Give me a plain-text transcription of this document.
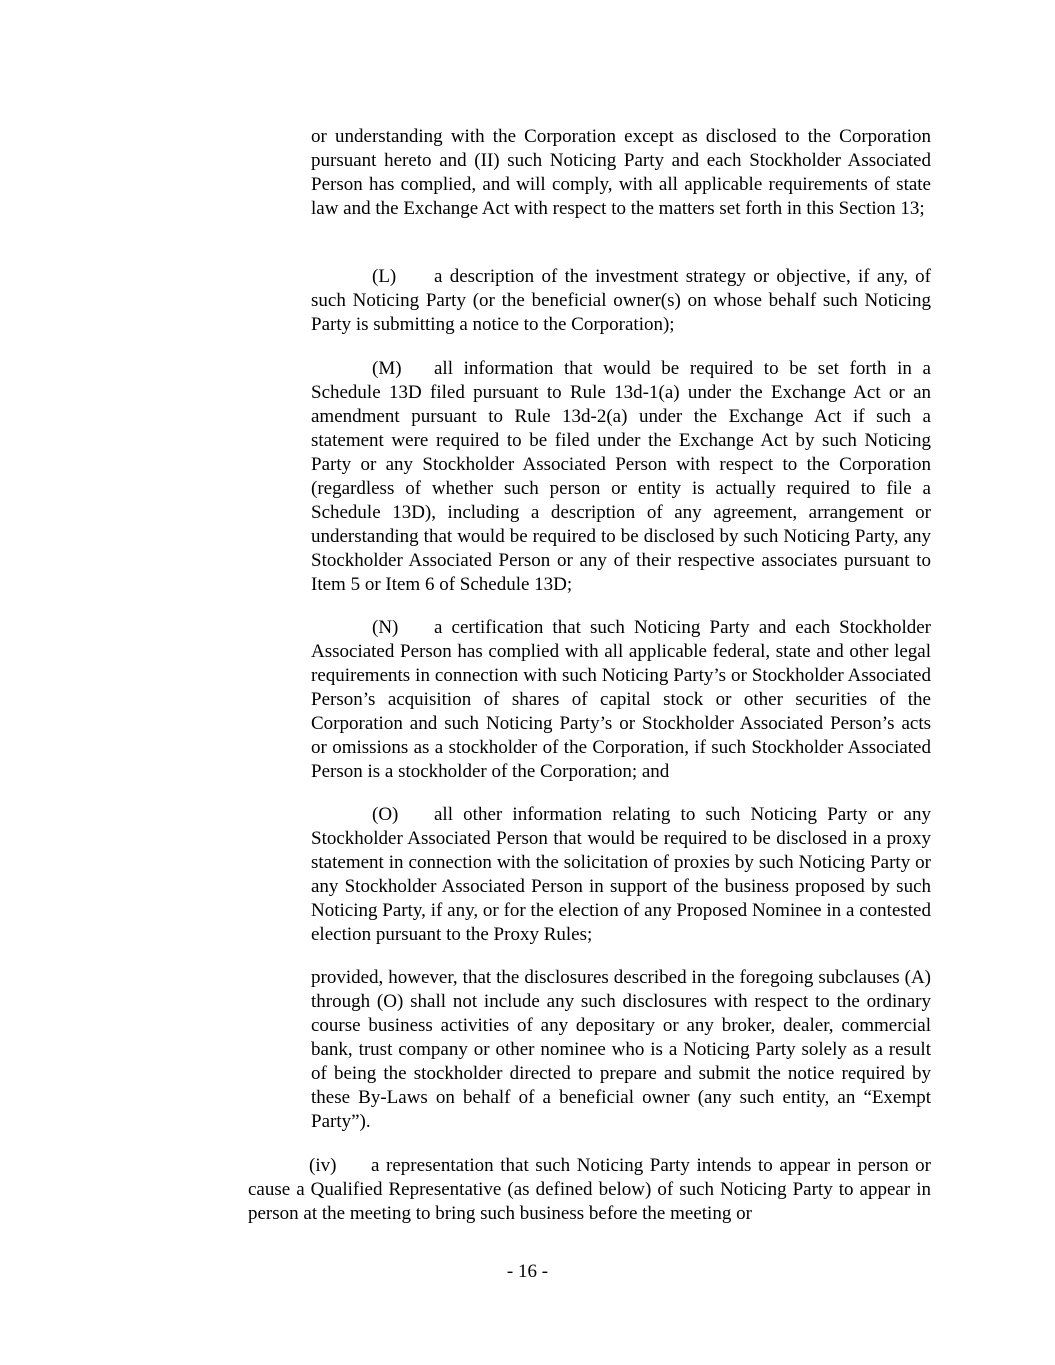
or understanding with the Corporation except as disclosed to the Corporation pursuant hereto and (II) such Noticing Party and each Stockholder Associated Person has complied, and will comply, with all applicable requirements of state law and the Exchange Act with respect to the matters set forth in this Section 13;

(L) a description of the investment strategy or objective, if any, of such Noticing Party (or the beneficial owner(s) on whose behalf such Noticing Party is submitting a notice to the Corporation);

(M) all information that would be required to be set forth in a Schedule 13D filed pursuant to Rule 13d-1(a) under the Exchange Act or an amendment pursuant to Rule 13d-2(a) under the Exchange Act if such a statement were required to be filed under the Exchange Act by such Noticing Party or any Stockholder Associated Person with respect to the Corporation (regardless of whether such person or entity is actually required to file a Schedule 13D), including a description of any agreement, arrangement or understanding that would be required to be disclosed by such Noticing Party, any Stockholder Associated Person or any of their respective associates pursuant to Item 5 or Item 6 of Schedule 13D;

(N) a certification that such Noticing Party and each Stockholder Associated Person has complied with all applicable federal, state and other legal requirements in connection with such Noticing Party’s or Stockholder Associated Person’s acquisition of shares of capital stock or other securities of the Corporation and such Noticing Party’s or Stockholder Associated Person’s acts or omissions as a stockholder of the Corporation, if such Stockholder Associated Person is a stockholder of the Corporation; and

(O) all other information relating to such Noticing Party or any Stockholder Associated Person that would be required to be disclosed in a proxy statement in connection with the solicitation of proxies by such Noticing Party or any Stockholder Associated Person in support of the business proposed by such Noticing Party, if any, or for the election of any Proposed Nominee in a contested election pursuant to the Proxy Rules;

provided, however, that the disclosures described in the foregoing subclauses (A) through (O) shall not include any such disclosures with respect to the ordinary course business activities of any depositary or any broker, dealer, commercial bank, trust company or other nominee who is a Noticing Party solely as a result of being the stockholder directed to prepare and submit the notice required by these By-Laws on behalf of a beneficial owner (any such entity, an “Exempt Party”).

(iv) a representation that such Noticing Party intends to appear in person or cause a Qualified Representative (as defined below) of such Noticing Party to appear in person at the meeting to bring such business before the meeting or

- 16 -
